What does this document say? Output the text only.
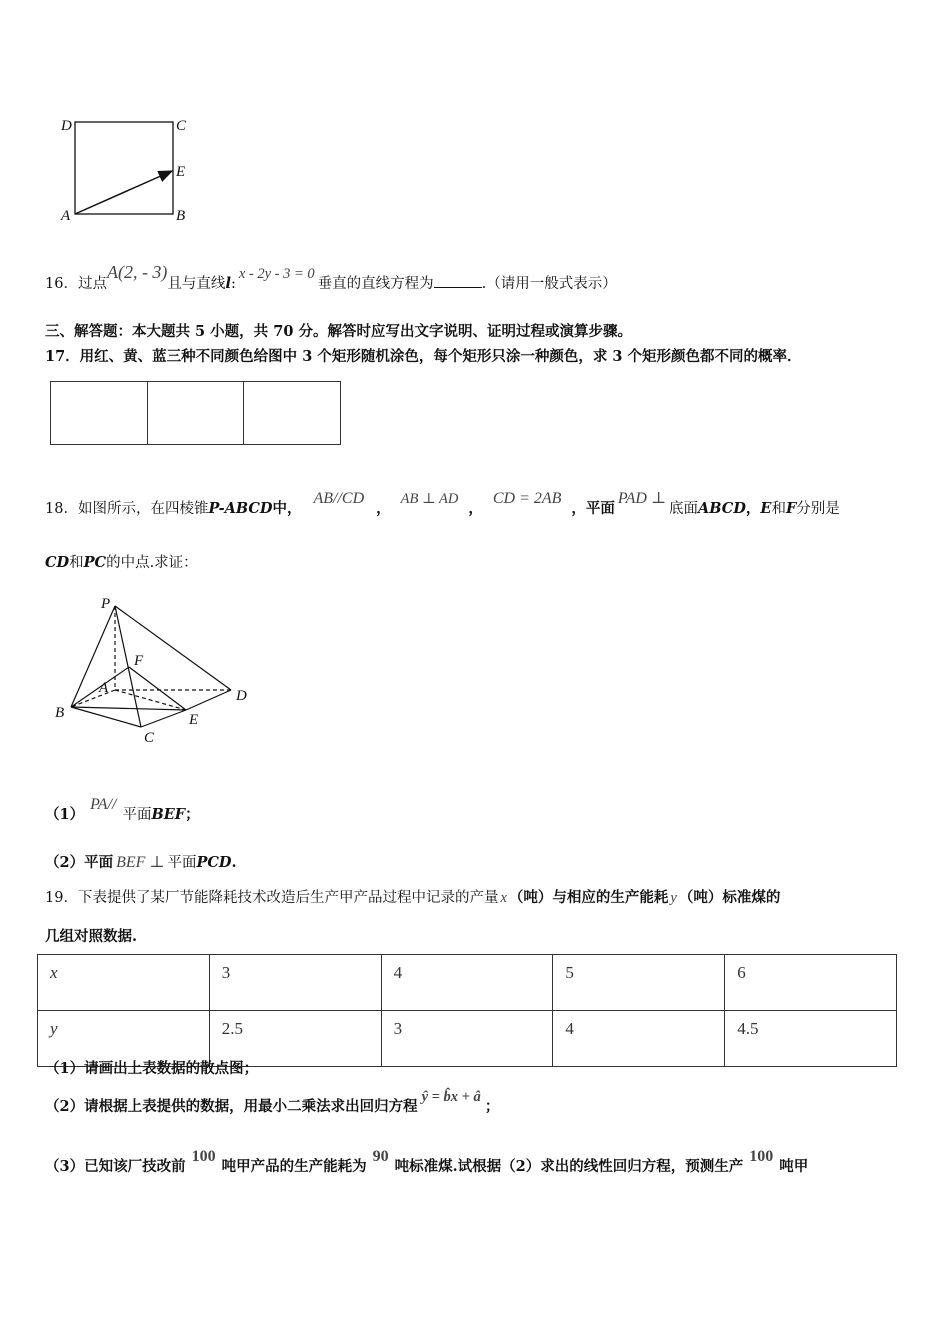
D	C
E
A	B
16．过点A(2, - 3)且与直线l:x - 2y - 3 = 0垂直的直线方程为	.（请用一般式表示）
三、解答题：本大题共 5 小题，共 70 分。解答时应写出文字说明、证明过程或演算步骤。
17．用红、黄、蓝三种不同颜色给图中 3 个矩形随机涂色，每个矩形只涂一种颜色，求 3 个矩形颜色都不同的概率．
18．如图所示，在四棱锥P-ABCD中，AB//CD，AB ⊥ AD，CD = 2AB，平面PAD ⊥底面ABCD，E和F分别是
CD和PC的中点.求证：
P
F
A	D
B	E
C
（1）PA//平面BEF；
（2）平面 BEF ⊥ 平面PCD.
19．下表提供了某厂节能降耗技术改造后生产甲产品过程中记录的产量 x （吨）与相应的生产能耗 y （吨）标准煤的
几组对照数据.
x	3	4	5	6
y	2.5	3	4	4.5
（1）请画出上表数据的散点图；
（2）请根据上表提供的数据，用最小二乘法求出回归方程ŷ = b̂x + â；
（3）已知该厂技改前100吨甲产品的生产能耗为90吨标准煤.试根据（2）求出的线性回归方程，预测生产100吨甲
